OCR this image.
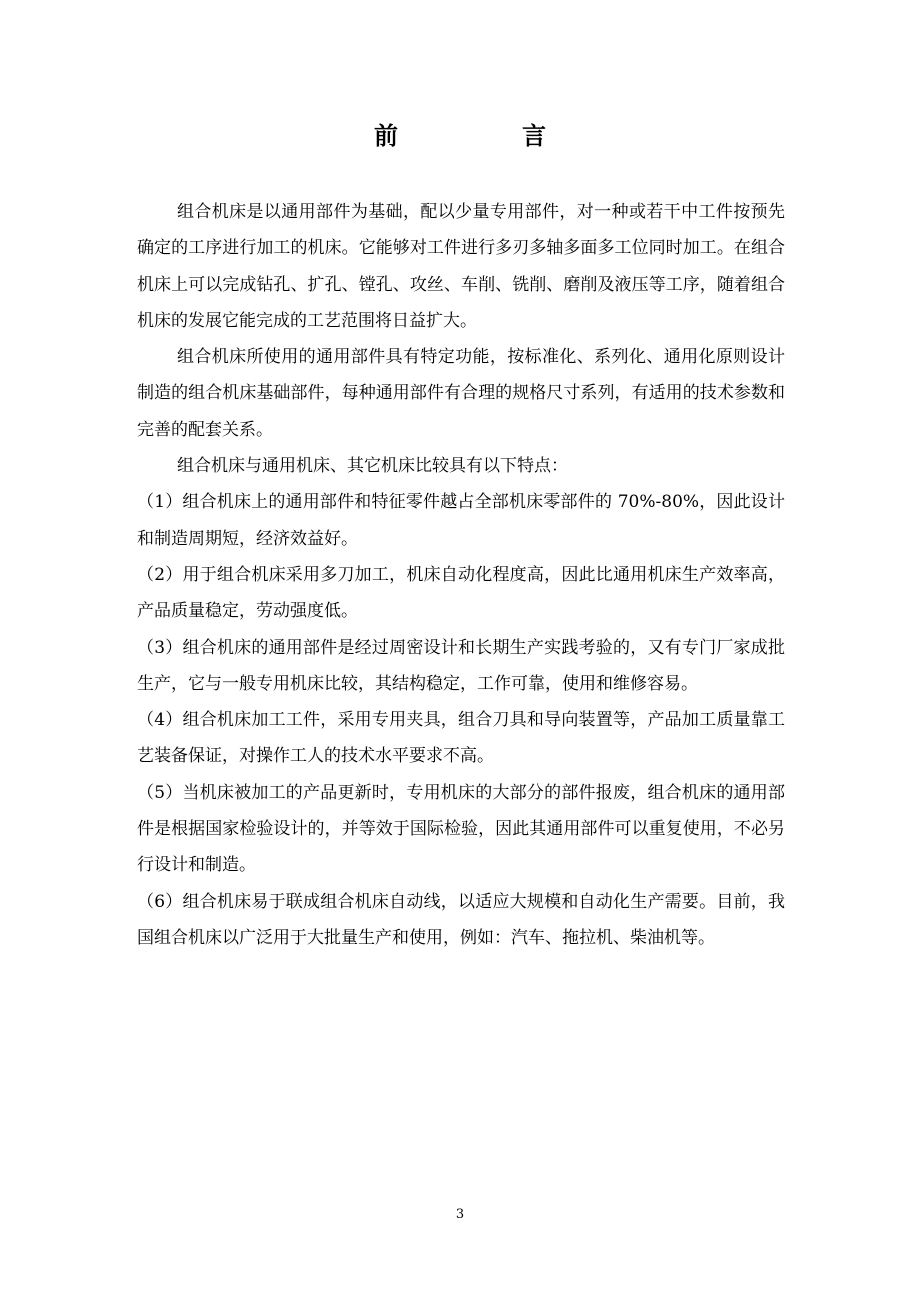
前　言

组合机床是以通用部件为基础，配以少量专用部件，对一种或若干中工件按预先确定的工序进行加工的机床。它能够对工件进行多刃多轴多面多工位同时加工。在组合机床上可以完成钻孔、扩孔、镗孔、攻丝、车削、铣削、磨削及液压等工序，随着组合机床的发展它能完成的工艺范围将日益扩大。

组合机床所使用的通用部件具有特定功能，按标准化、系列化、通用化原则设计制造的组合机床基础部件，每种通用部件有合理的规格尺寸系列，有适用的技术参数和完善的配套关系。

组合机床与通用机床、其它机床比较具有以下特点：

（1）组合机床上的通用部件和特征零件越占全部机床零部件的 70%-80%，因此设计和制造周期短，经济效益好。

（2）用于组合机床采用多刀加工，机床自动化程度高，因此比通用机床生产效率高，产品质量稳定，劳动强度低。

（3）组合机床的通用部件是经过周密设计和长期生产实践考验的，又有专门厂家成批生产，它与一般专用机床比较，其结构稳定，工作可靠，使用和维修容易。

（4）组合机床加工工件，采用专用夹具，组合刀具和导向装置等，产品加工质量靠工艺装备保证，对操作工人的技术水平要求不高。

（5）当机床被加工的产品更新时，专用机床的大部分的部件报废，组合机床的通用部件是根据国家检验设计的，并等效于国际检验，因此其通用部件可以重复使用，不必另行设计和制造。

（6）组合机床易于联成组合机床自动线，以适应大规模和自动化生产需要。目前，我国组合机床以广泛用于大批量生产和使用，例如：汽车、拖拉机、柴油机等。

3
